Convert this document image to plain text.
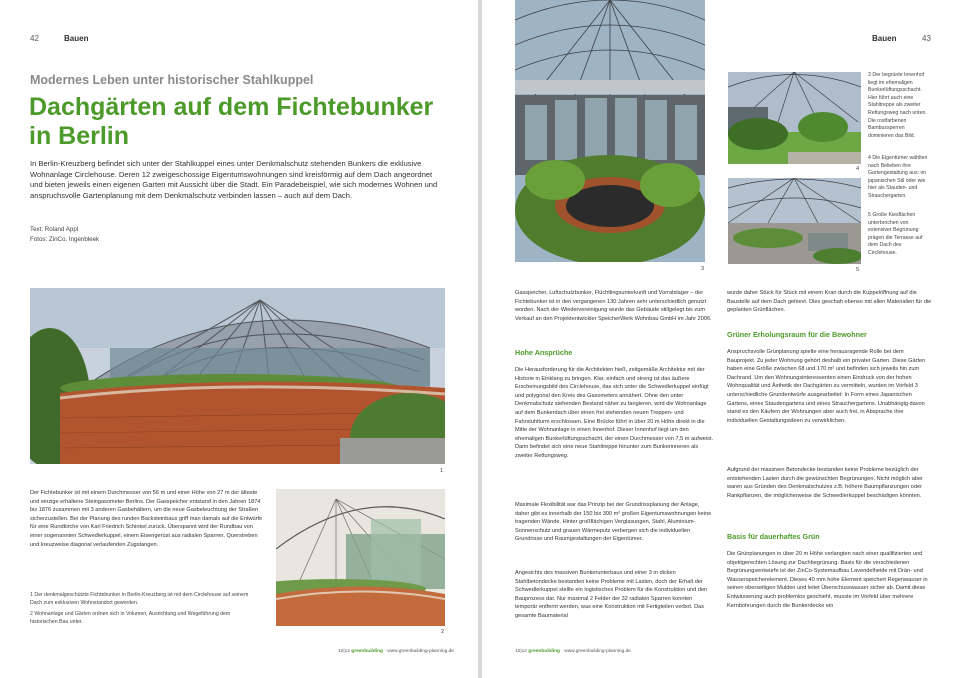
42	Bauen
Modernes Leben unter historischer Stahlkuppel
Dachgärten auf dem Fichtebunker in Berlin
In Berlin-Kreuzberg befindet sich unter der Stahlkuppel eines unter Denkmalschutz stehenden Bunkers die exklusive Wohnanlage Circlehouse. Deren 12 zweigeschossige Eigentumswohnungen sind kreisförmig auf dem Dach angeordnet und bieten jeweils einen eigenen Garten mit Aussicht über die Stadt. Ein Paradebeispiel, wie sich modernes Wohnen und anspruchsvolle Gartenplanung mit dem Denkmalschutz verbinden lassen – auch auf dem Dach.
Text: Roland Appl
Fotos: ZinCo, Ingenbleek
1
Der Fichtebunker ist mit einem Durchmesser von 56 m und einer Höhe von 27 m der älteste und einzige erhaltene Steingasometer Berlins. Der Gasspeicher entstand in den Jahren 1874 bis 1876 zusammen mit 3 anderen Gasbehältern, um die neue Gasbeleuchtung der Straßen sicherzustellen. Bei der Planung des runden Backsteinbaus griff man damals auf die Entwürfe für eine Rundkirche von Karl Friedrich Schinkel zurück. Überspannt wird der Rundbau von einer sogenannten Schwedlerkuppel, einem Eisengerüst aus radialen Sparren, Querstreben und kreuzweise diagonal verlaufenden Zugstangen.
1 Der denkmalgeschützte Fichtebunker in Berlin-Kreuzberg ist mit dem Circlehouse auf seinem Dach zum exklusiven Wohnstandort geworden.
2 Wohnanlage und Gärten ordnen sich in Volumen, Ausrichtung und Wegeführung dem historischen Bau unter.
2
12|12 greenbuilding · www.greenbuilding-planning.de
Bauen	43
3
4
5
3 Der begrünte Innenhof liegt im ehemaligen Bunkerlüftungsschacht. Hier führt auch eine Stahltreppe als zweiter Rettungsweg nach unten. Die rostfarbenen Bambussperren dominieren das Bild.
4 Die Eigentümer wählten nach Belieben ihre Gartengestaltung aus: im japanischen Stil oder wie hier als Stauden- und Strauchergarten.
5 Große Kiesflächen unterbrochen von extensiver Begrünung prägen die Terrasse auf dem Dach des Circlehouse.
Gasspeicher, Luftschutzbunker, Flüchtlingsunterkunft und Vorratslager – der Fichtebunker ist in den vergangenen 130 Jahren sehr unterschiedlich genutzt worden. Nach der Wiedervereinigung wurde das Gebäude stillgelegt bis zum Verkauf an den Projektentwickler SpeicherWerk Wohnbau GmbH im Jahr 2006.
Hohe Ansprüche
Die Herausforderung für die Architekten hieß, zeitgemäße Architektur mit der Historie in Einklang zu bringen. Klar, einfach und streng ist das äußere Erscheinungsbild des Circlehouse, das sich unter die Schwedlerkuppel einfügt und polygonal den Kreis des Gasometers annähert. Ohne den unter Denkmalschutz stehenden Bestand näher zu tangieren, wird die Wohnanlage auf dem Bunkerdach über einen frei stehenden neuen Treppen- und Fahrstuhlturm erschlossen. Eine Brücke führt in über 20 m Höhe direkt in die Mitte der Wohnanlage in einen Innenhof. Dieser Innenhof liegt um den ehemaligen Bunkerlüftungsschacht, der einen Durchmesser von 7,5 m aufweist. Darin befindet sich eine neue Stahltreppe hinunter zum Bunkerinneren als zweiter Rettungsweg.
Maximale Flexibilität war das Prinzip bei der Grundrissplanung der Anlage, daher gibt es innerhalb der 150 bis 300 m² großen Eigentumswohnungen keine tragenden Wände. Hinter großflächigen Verglasungen, Stahl, Aluminium-Sonnenschutz und grauen Wärmeputz verbergen sich die individuellen Grundrisse und Raumgestaltungen der Eigentümer.
Angesichts des massiven Bunkerunterbaus und einer 3 m dicken Stahlbetondecke bestanden keine Probleme mit Lasten, doch der Erhalt der Schwedlerkuppel stellte ein logistisches Problem für die Konstruktion und den Bauprozess dar. Nur maximal 2 Felder der 32 radialen Sparren konnten temporär entfernt werden, was eine Konstruktion mit Fertigteilen verbot. Das gesamte Baumaterial
wurde daher Stück für Stück mit einem Kran durch die Kuppelöffnung auf die Baustelle auf dem Dach gehievt. Dies geschah ebenso mit allen Materialien für die geplanten Grünflächen.
Grüner Erholungsraum für die Bewohner
Anspruchsvolle Grünplanung spielte eine herausragende Rolle bei dem Bauprojekt. Zu jeder Wohnung gehört deshalb ein privater Garten. Diese Gärten haben eine Größe zwischen 68 und 170 m² und befinden sich jeweils hin zum Dachrand. Um den Wohnungsinteressenten einen Eindruck von der hohen Wohnqualität und Ästhetik der Dachgärten zu vermitteln, wurden im Vorfeld 3 unterschiedliche Grundentwürfe ausgearbeitet: In Form eines Japanischen Gartens, eines Staudengartens und eines Strauchergartens. Unabhängig davon stand es den Käufern der Wohnungen aber auch frei, in Absprache ihre individuellen Gestaltungsideen zu verwirklichen.
Aufgrund der massiven Betondecke bestanden keine Probleme bezüglich der entstehenden Lasten durch die gewünschten Begrünungen. Nicht möglich aber waren aus Gründen des Denkmalschutzes z.B. höhere Baumpflanzungen oder Rankpflanzen, die möglicherweise die Schwedlerkuppel beschädigen könnten.
Basis für dauerhaftes Grün
Die Grünplanungen in über 20 m Höhe verlangten nach einer qualifizierten und objektgerechten Lösung zur Dachbegrünung. Basis für die verschiedenen Begrünungsentwürfe ist der ZinCo-Systemaufbau Lavendelheide mit Drän- und Wasserspeicherelement. Dieses 40 mm hohe Element speichert Regenwasser in seinen oberseitigen Mulden und leitet Überschusswasser sicher ab. Damit diese Entwässerung auch problemlos geschieht, musste im Vorfeld über mehrere Kernbohrungen durch die Bunkerdecke ein
12|12 greenbuilding · www.greenbuilding-planning.de
